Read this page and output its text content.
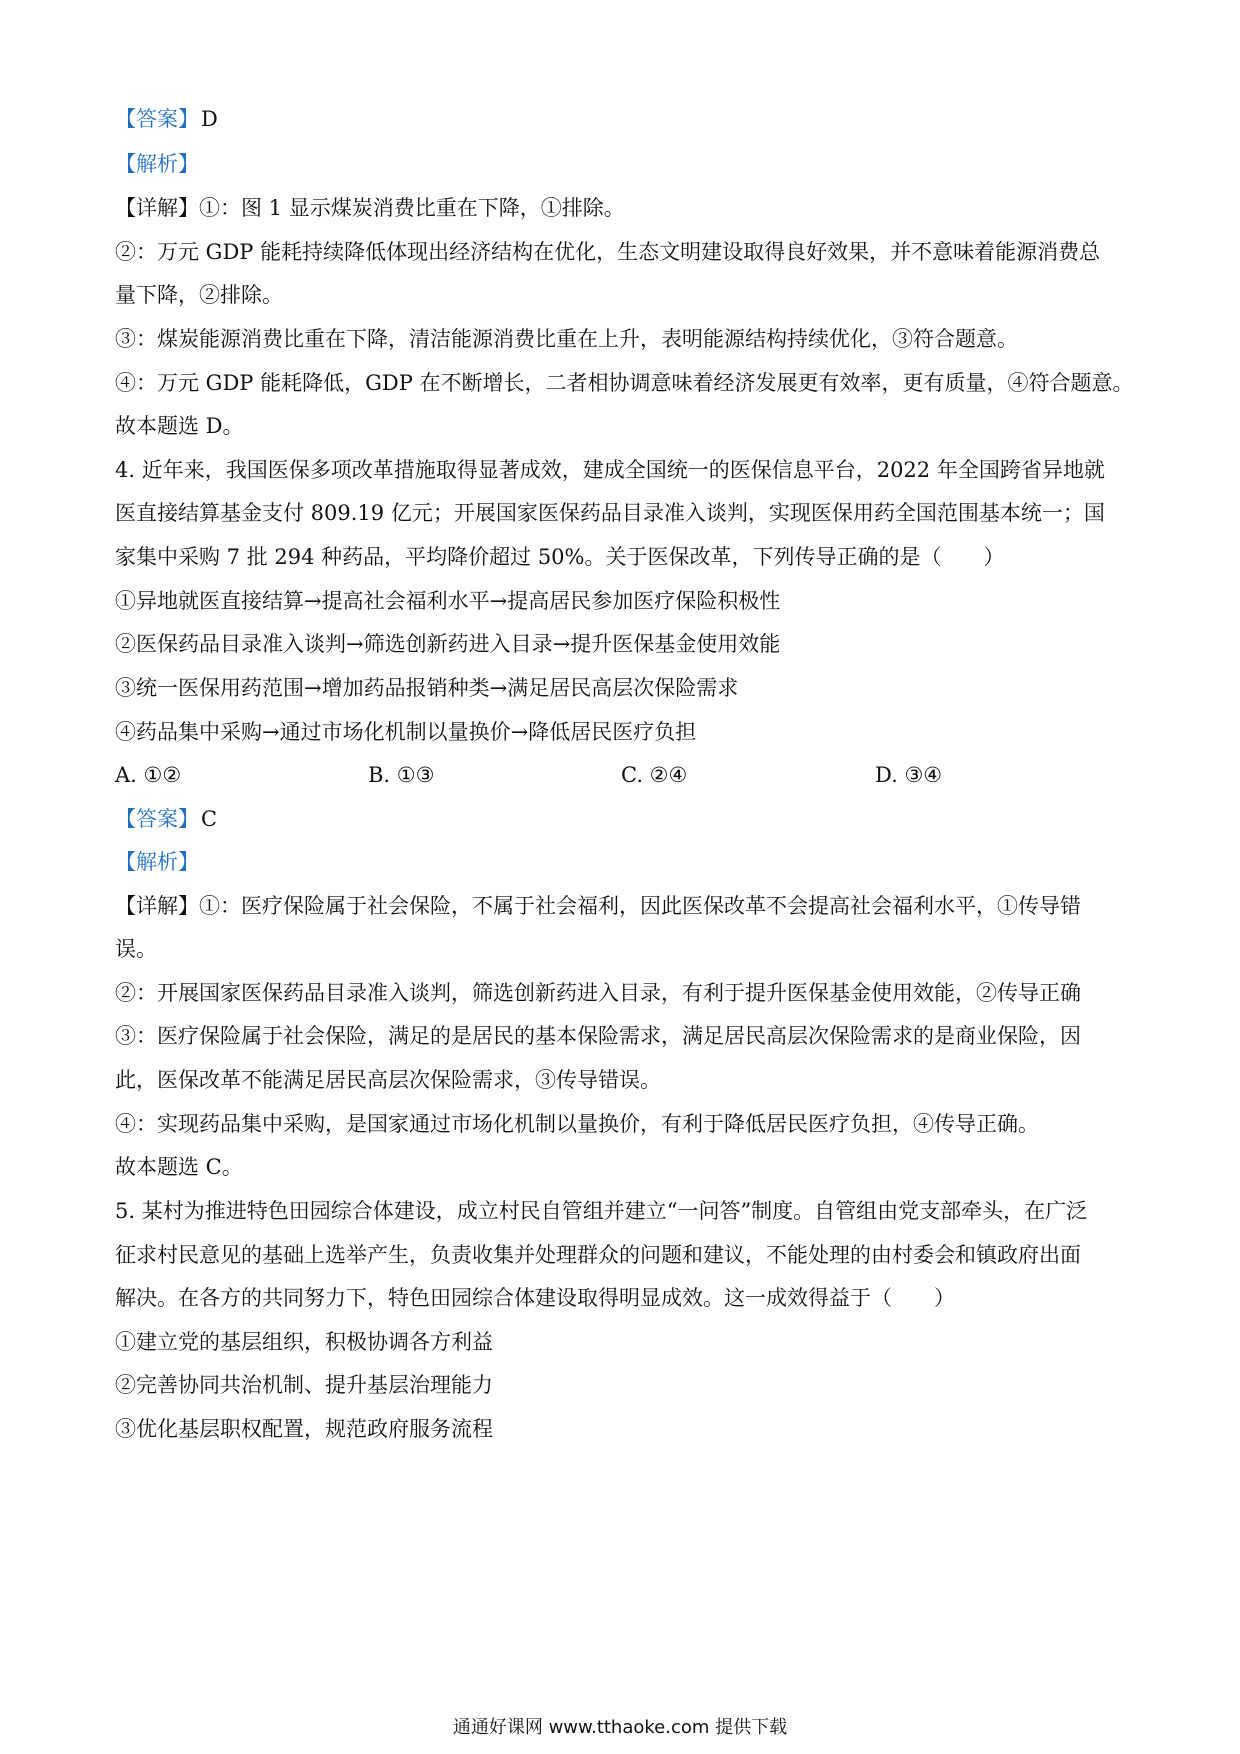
【答案】D
【解析】
【详解】①：图 1 显示煤炭消费比重在下降，①排除。
②：万元 GDP 能耗持续降低体现出经济结构在优化，生态文明建设取得良好效果，并不意味着能源消费总
量下降，②排除。
③：煤炭能源消费比重在下降，清洁能源消费比重在上升，表明能源结构持续优化，③符合题意。
④：万元 GDP 能耗降低，GDP 在不断增长，二者相协调意味着经济发展更有效率，更有质量，④符合题意。
故本题选 D。
4. 近年来，我国医保多项改革措施取得显著成效，建成全国统一的医保信息平台，2022 年全国跨省异地就
医直接结算基金支付 809.19 亿元；开展国家医保药品目录准入谈判，实现医保用药全国范围基本统一；国
家集中采购 7 批 294 种药品，平均降价超过 50%。关于医保改革，下列传导正确的是（　　）
①异地就医直接结算→提高社会福利水平→提高居民参加医疗保险积极性
②医保药品目录准入谈判→筛选创新药进入目录→提升医保基金使用效能
③统一医保用药范围→增加药品报销种类→满足居民高层次保险需求
④药品集中采购→通过市场化机制以量换价→降低居民医疗负担
A. ①②	B. ①③	C. ②④	D. ③④
【答案】C
【解析】
【详解】①：医疗保险属于社会保险，不属于社会福利，因此医保改革不会提高社会福利水平，①传导错
误。
②：开展国家医保药品目录准入谈判，筛选创新药进入目录，有利于提升医保基金使用效能，②传导正确
③：医疗保险属于社会保险，满足的是居民的基本保险需求，满足居民高层次保险需求的是商业保险，因
此，医保改革不能满足居民高层次保险需求，③传导错误。
④：实现药品集中采购，是国家通过市场化机制以量换价，有利于降低居民医疗负担，④传导正确。
故本题选 C。
5. 某村为推进特色田园综合体建设，成立村民自管组并建立“一问答”制度。自管组由党支部牵头，在广泛
征求村民意见的基础上选举产生，负责收集并处理群众的问题和建议，不能处理的由村委会和镇政府出面
解决。在各方的共同努力下，特色田园综合体建设取得明显成效。这一成效得益于（　　）
①建立党的基层组织，积极协调各方利益
②完善协同共治机制、提升基层治理能力
③优化基层职权配置，规范政府服务流程
通通好课网 www.tthaoke.com 提供下载
